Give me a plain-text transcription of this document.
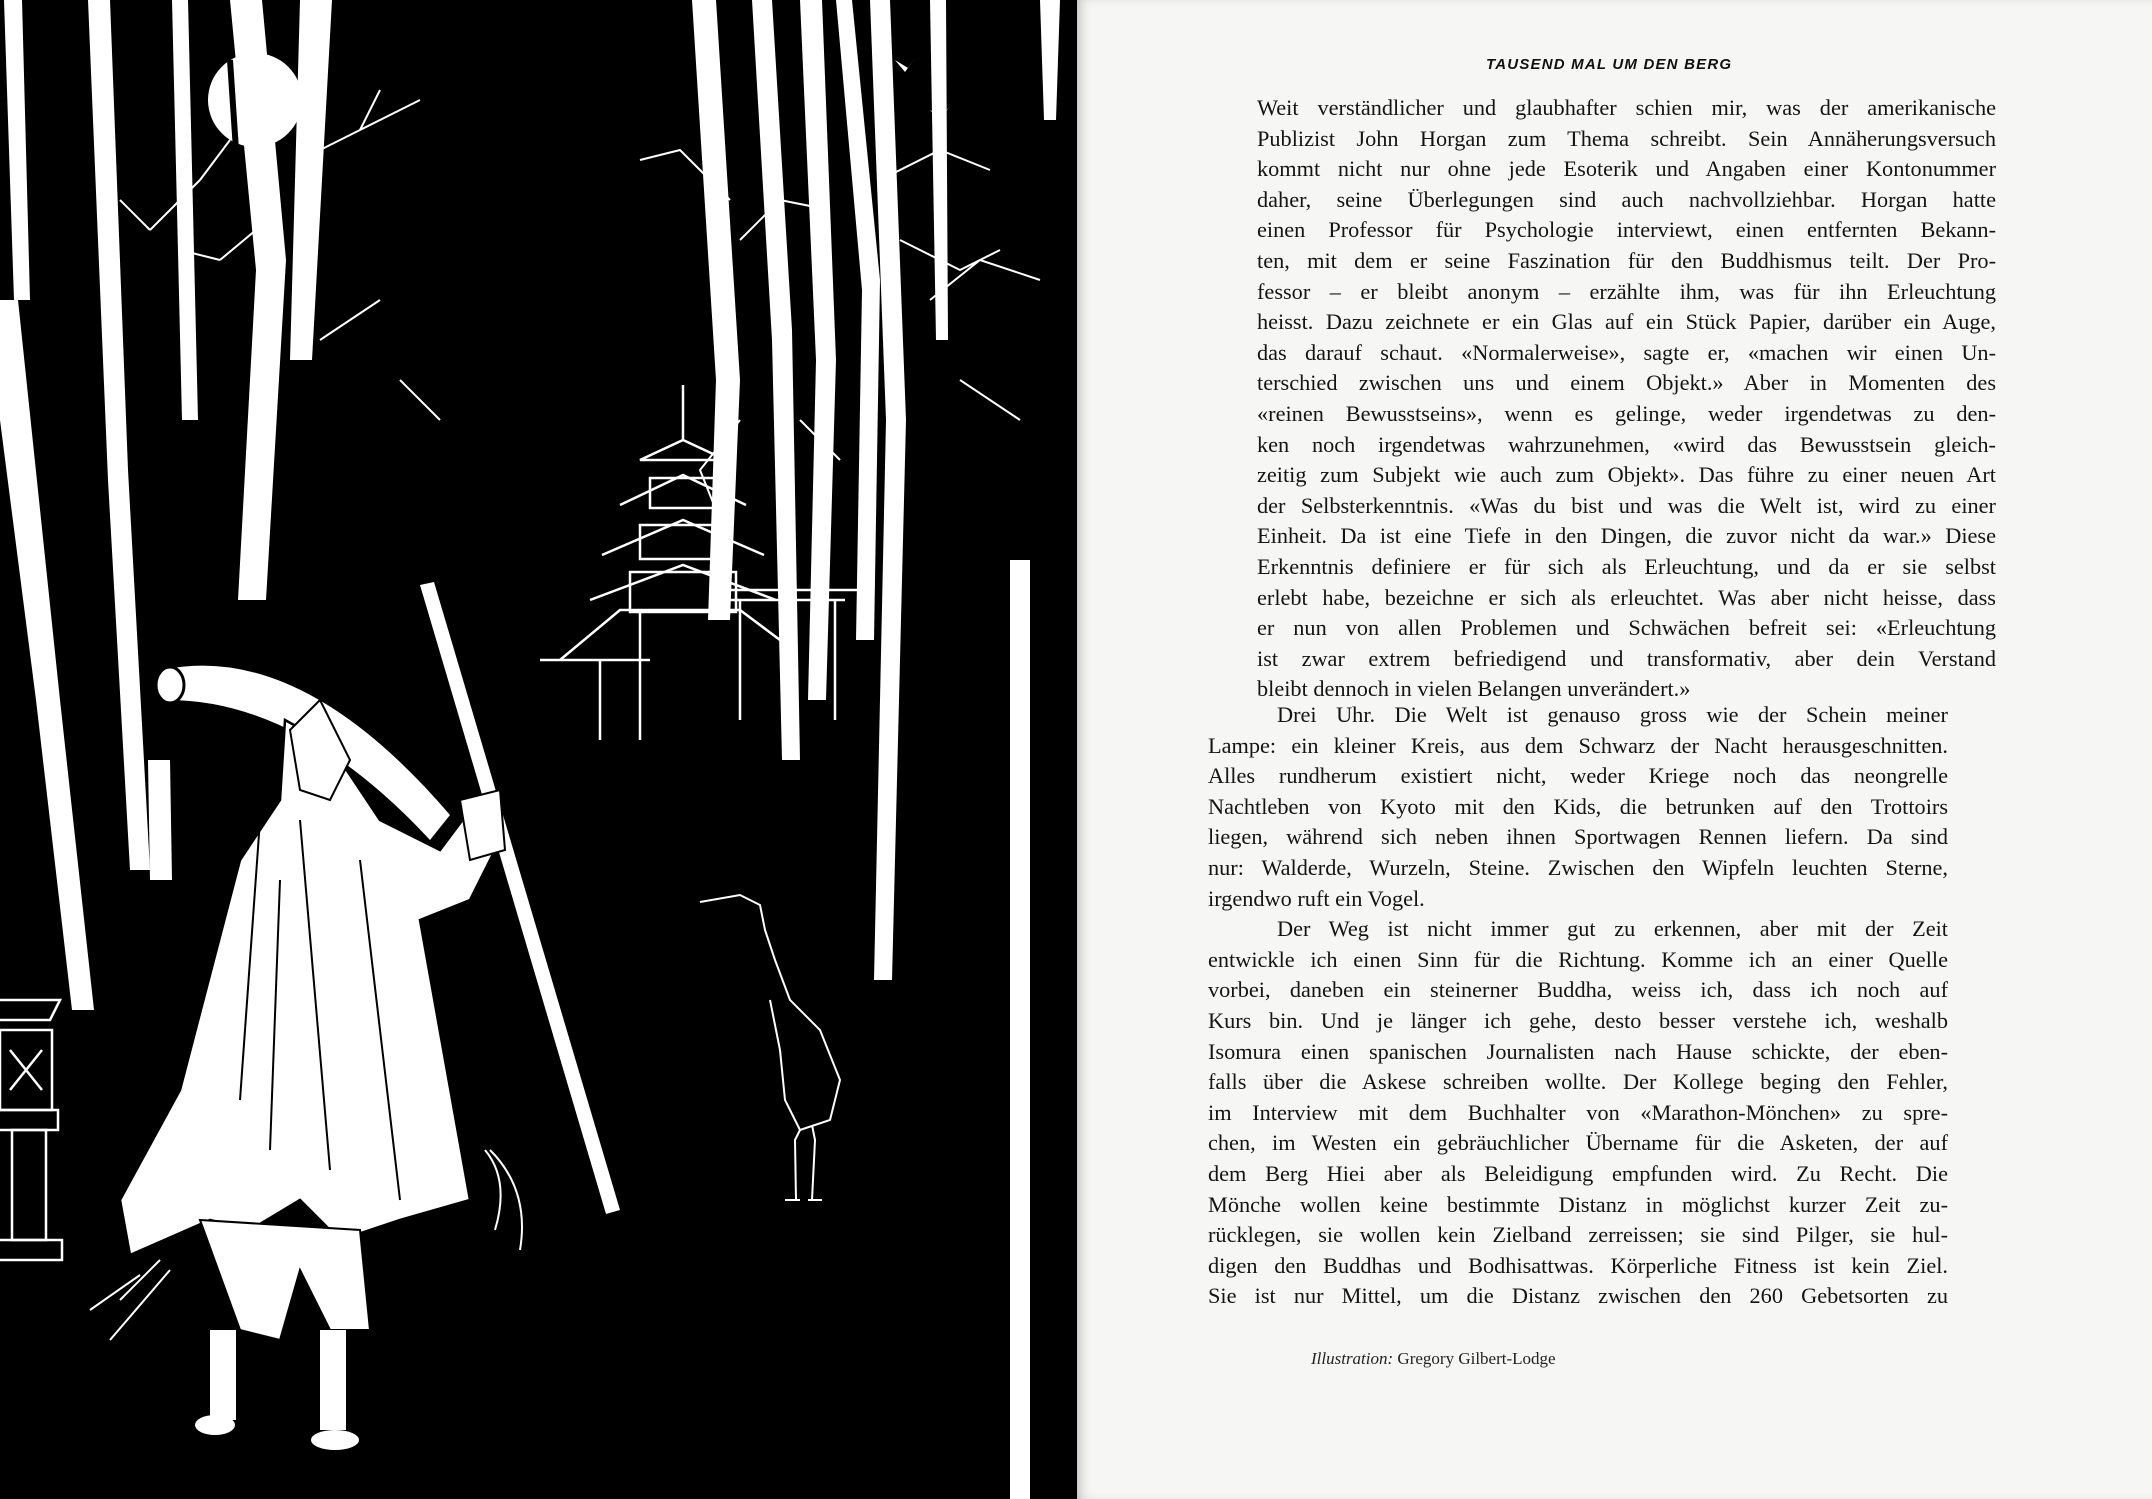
TAUSEND MAL UM DEN BERG
Weit verständlicher und glaubhafter schien mir, was der amerikanische
Publizist John Horgan zum Thema schreibt. Sein Annäherungsversuch
kommt nicht nur ohne jede Esoterik und Angaben einer Kontonummer
daher, seine Überlegungen sind auch nachvollziehbar. Horgan hatte
einen Professor für Psychologie interviewt, einen entfernten Bekann-
ten, mit dem er seine Faszination für den Buddhismus teilt. Der Pro-
fessor – er bleibt anonym – erzählte ihm, was für ihn Erleuchtung
heisst. Dazu zeichnete er ein Glas auf ein Stück Papier, darüber ein Auge,
das darauf schaut. «Normalerweise», sagte er, «machen wir einen Un-
terschied zwischen uns und einem Objekt.» Aber in Momenten des
«reinen Bewusstseins», wenn es gelinge, weder irgendetwas zu den-
ken noch irgendetwas wahrzunehmen, «wird das Bewusstsein gleich-
zeitig zum Subjekt wie auch zum Objekt». Das führe zu einer neuen Art
der Selbsterkenntnis. «Was du bist und was die Welt ist, wird zu einer
Einheit. Da ist eine Tiefe in den Dingen, die zuvor nicht da war.» Diese
Erkenntnis definiere er für sich als Erleuchtung, und da er sie selbst
erlebt habe, bezeichne er sich als erleuchtet. Was aber nicht heisse, dass
er nun von allen Problemen und Schwächen befreit sei: «Erleuchtung
ist zwar extrem befriedigend und transformativ, aber dein Verstand
bleibt dennoch in vielen Belangen unverändert.»
Drei Uhr. Die Welt ist genauso gross wie der Schein meiner
Lampe: ein kleiner Kreis, aus dem Schwarz der Nacht herausgeschnitten.
Alles rundherum existiert nicht, weder Kriege noch das neongrelle
Nachtleben von Kyoto mit den Kids, die betrunken auf den Trottoirs
liegen, während sich neben ihnen Sportwagen Rennen liefern. Da sind
nur: Walderde, Wurzeln, Steine. Zwischen den Wipfeln leuchten Sterne,
irgendwo ruft ein Vogel.
Der Weg ist nicht immer gut zu erkennen, aber mit der Zeit
entwickle ich einen Sinn für die Richtung. Komme ich an einer Quelle
vorbei, daneben ein steinerner Buddha, weiss ich, dass ich noch auf
Kurs bin. Und je länger ich gehe, desto besser verstehe ich, weshalb
Isomura einen spanischen Journalisten nach Hause schickte, der eben-
falls über die Askese schreiben wollte. Der Kollege beging den Fehler,
im Interview mit dem Buchhalter von «Marathon-Mönchen» zu spre-
chen, im Westen ein gebräuchlicher Übername für die Asketen, der auf
dem Berg Hiei aber als Beleidigung empfunden wird. Zu Recht. Die
Mönche wollen keine bestimmte Distanz in möglichst kurzer Zeit zu-
rücklegen, sie wollen kein Zielband zerreissen; sie sind Pilger, sie hul-
digen den Buddhas und Bodhisattwas. Körperliche Fitness ist kein Ziel.
Sie ist nur Mittel, um die Distanz zwischen den 260 Gebetsorten zu
Illustration: Gregory Gilbert-Lodge
